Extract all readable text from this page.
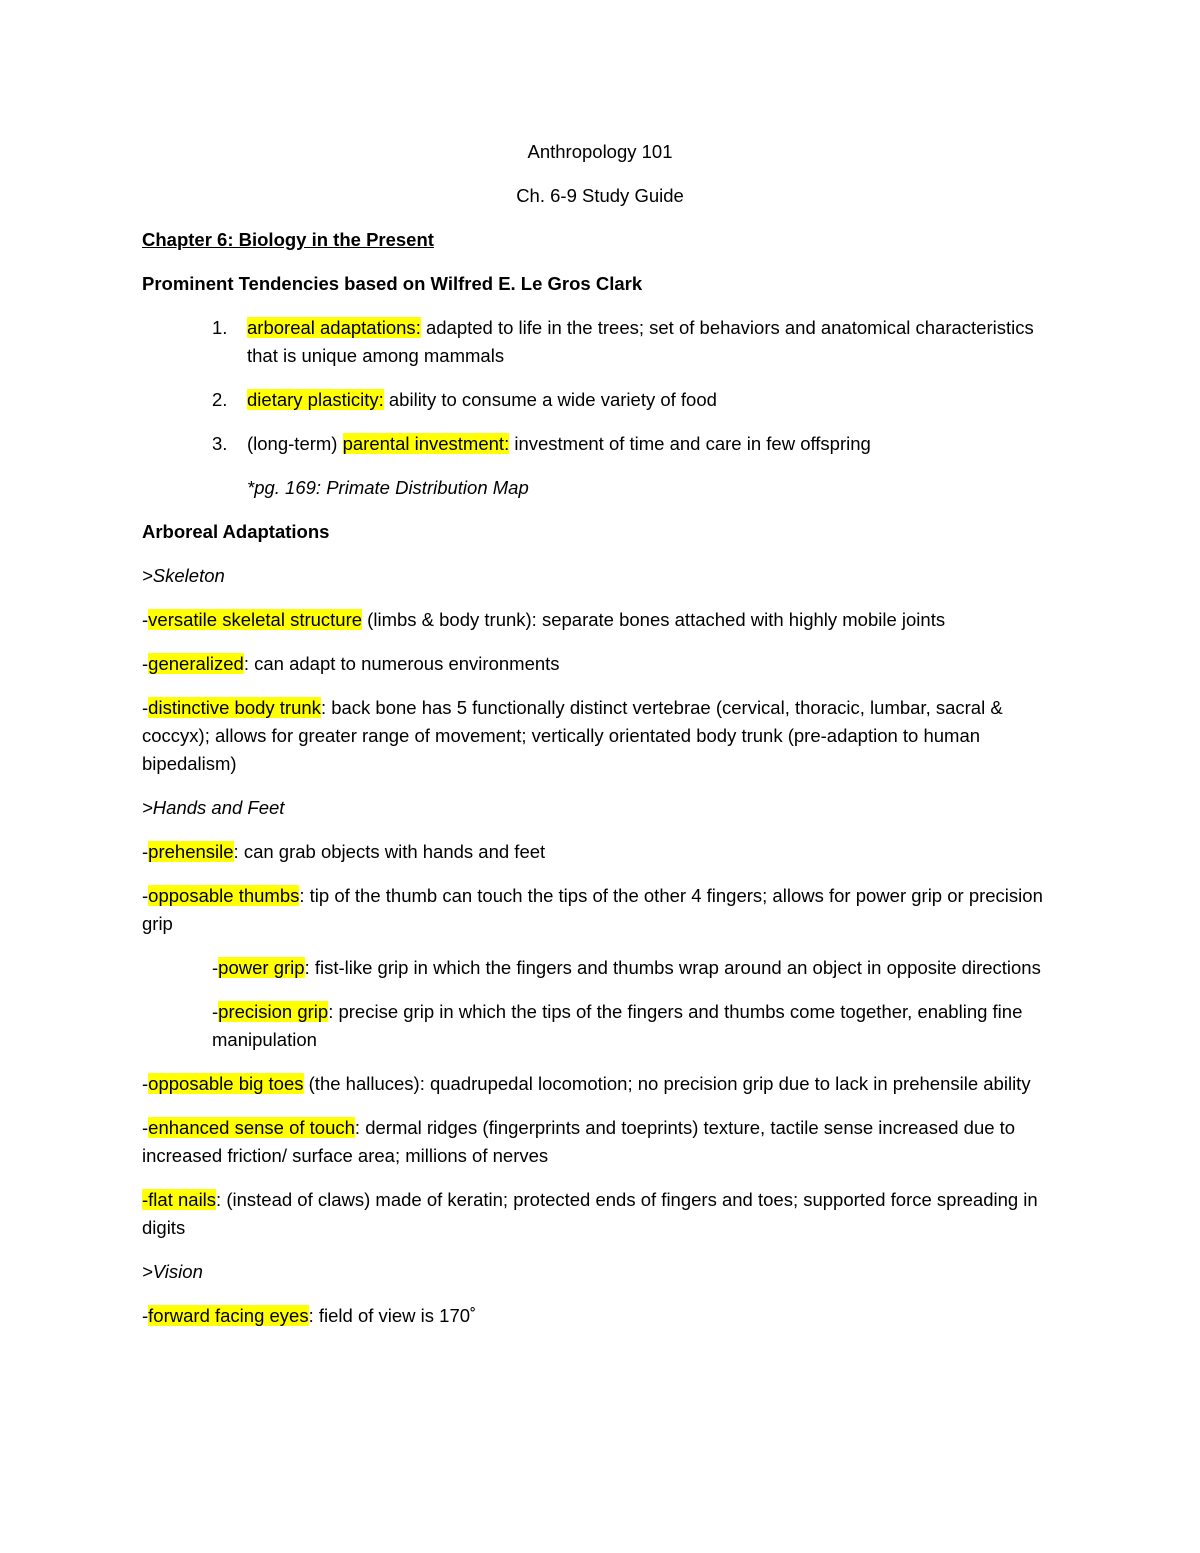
Anthropology 101

Ch. 6-9 Study Guide

Chapter 6: Biology in the Present

Prominent Tendencies based on Wilfred E. Le Gros Clark

1. arboreal adaptations: adapted to life in the trees; set of behaviors and anatomical characteristics that is unique among mammals
2. dietary plasticity: ability to consume a wide variety of food
3. (long-term) parental investment: investment of time and care in few offspring

*pg. 169: Primate Distribution Map

Arboreal Adaptations

>Skeleton

-versatile skeletal structure (limbs & body trunk): separate bones attached with highly mobile joints

-generalized: can adapt to numerous environments

-distinctive body trunk: back bone has 5 functionally distinct vertebrae (cervical, thoracic, lumbar, sacral & coccyx); allows for greater range of movement; vertically orientated body trunk (pre-adaption to human bipedalism)

>Hands and Feet

-prehensile: can grab objects with hands and feet

-opposable thumbs: tip of the thumb can touch the tips of the other 4 fingers; allows for power grip or precision grip

-power grip: fist-like grip in which the fingers and thumbs wrap around an object in opposite directions

-precision grip: precise grip in which the tips of the fingers and thumbs come together, enabling fine manipulation

-opposable big toes (the halluces): quadrupedal locomotion; no precision grip due to lack in prehensile ability

-enhanced sense of touch: dermal ridges (fingerprints and toeprints) texture, tactile sense increased due to increased friction/ surface area; millions of nerves

-flat nails: (instead of claws) made of keratin; protected ends of fingers and toes; supported force spreading in digits

>Vision

-forward facing eyes: field of view is 170˚
